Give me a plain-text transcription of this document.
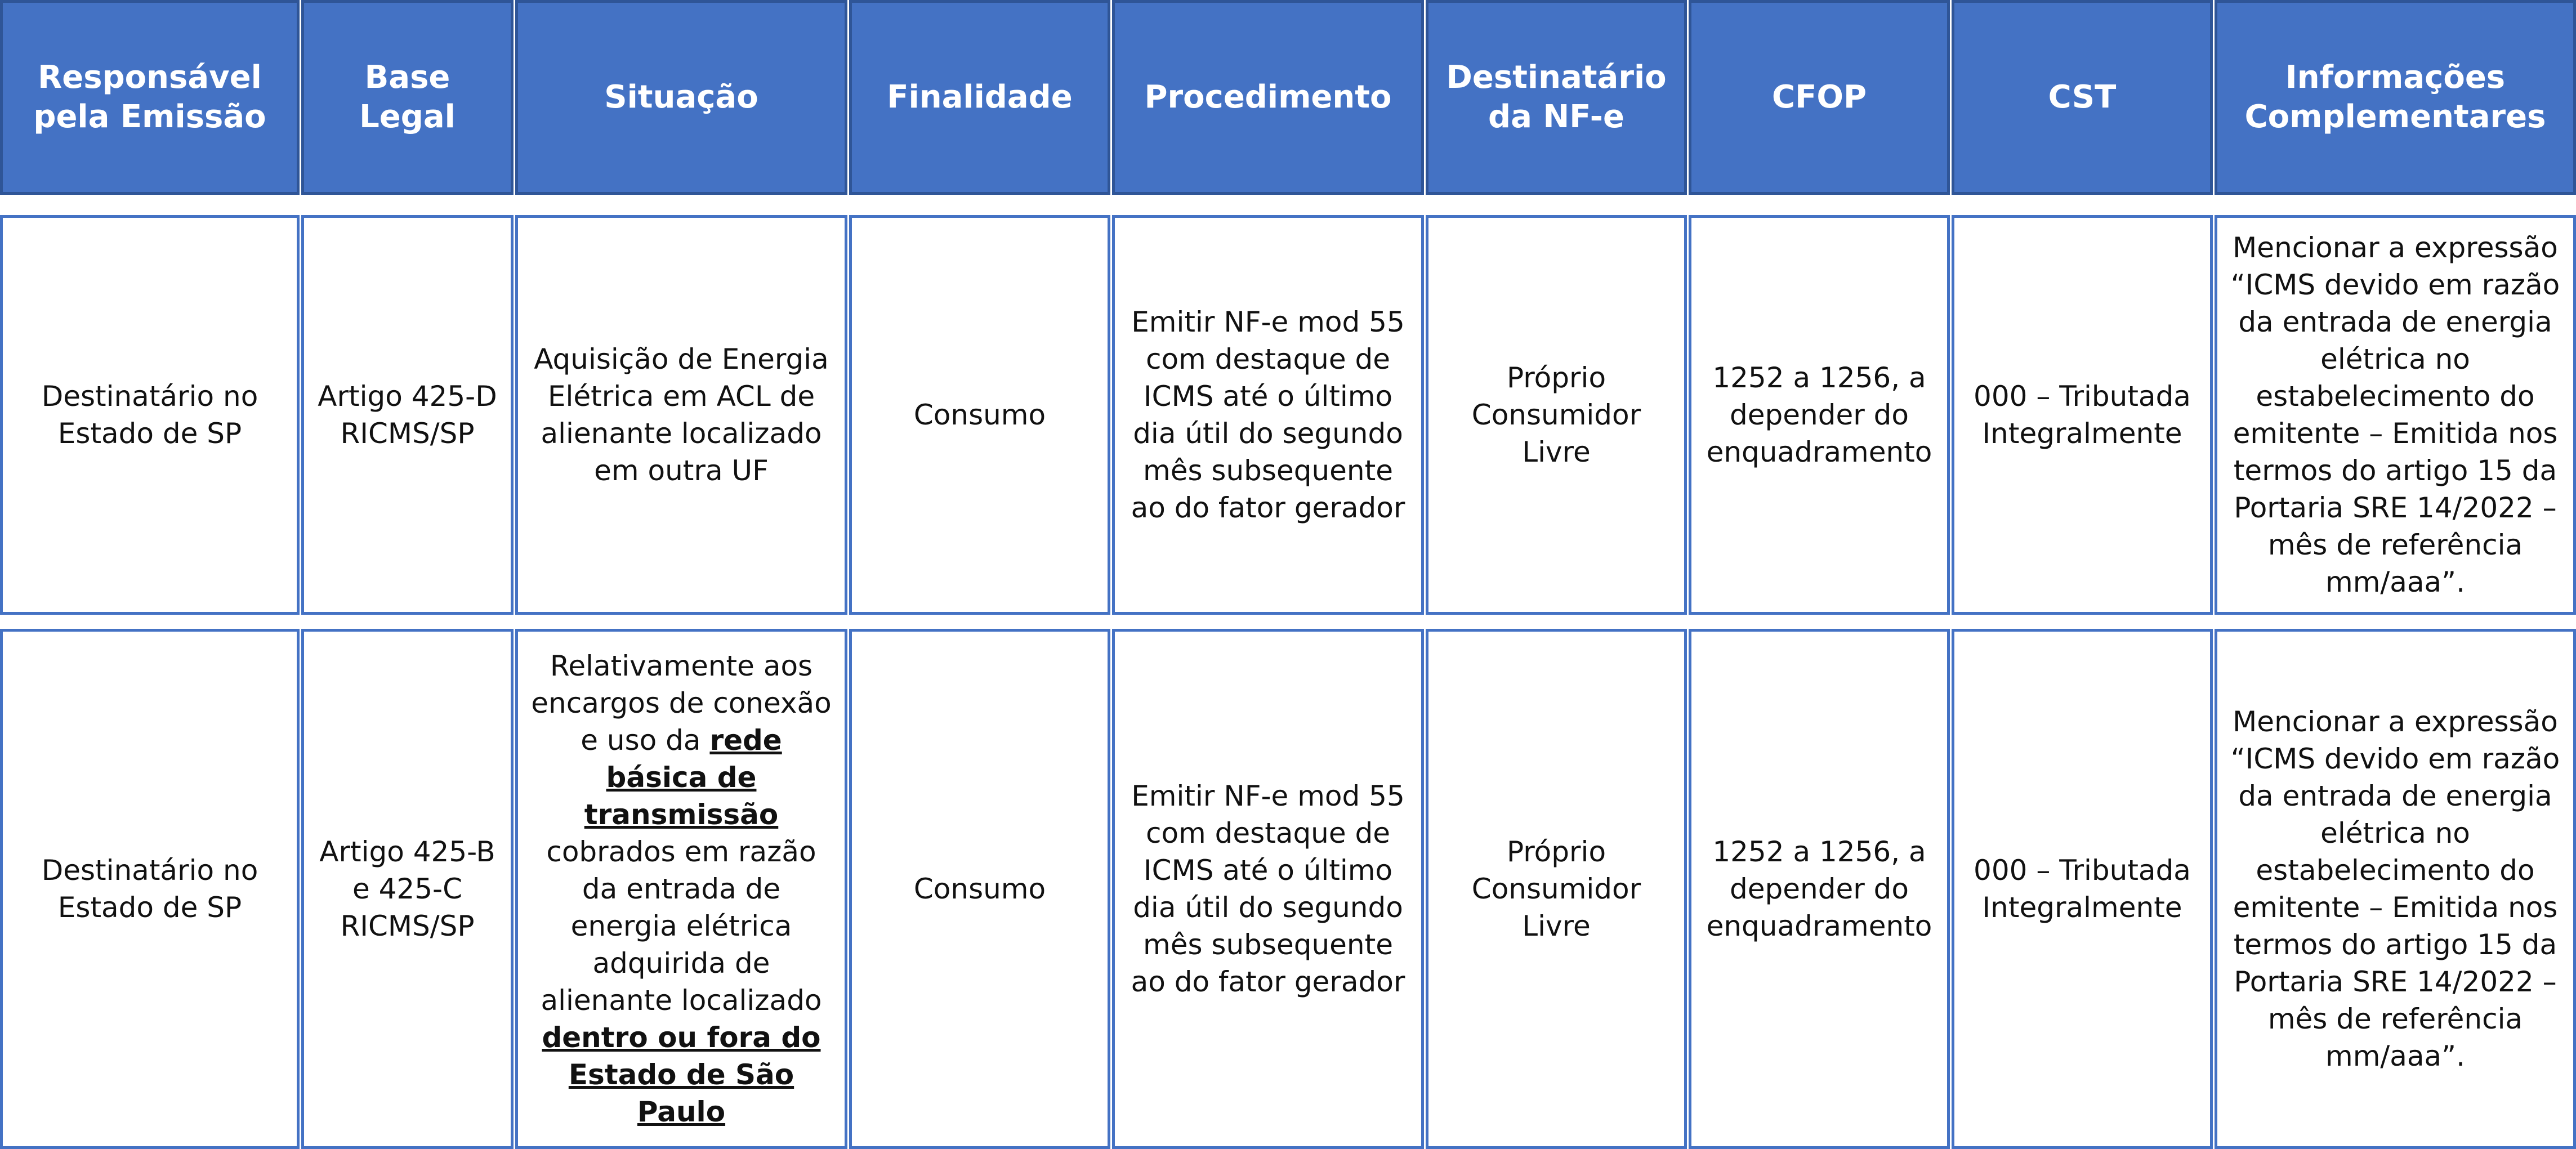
Responsável pela Emissão
Base Legal
Situação	Finalidade Procedimento
Destinatário da NF-e
CFOP	CST
Informações Complementares
Destinatário no Estado de SP
Artigo 425-D RICMS/SP
Aquisição de Energia Elétrica em ACL de alienante localizado em outra UF
Consumo
Emitir NF-e mod 55 com destaque de ICMS até o último dia útil do segundo mês subsequente ao do fator gerador
Próprio Consumidor Livre
1252 a 1256, a depender do enquadramento
000 – Tributada Integralmente
Mencionar a expressão “ICMS devido em razão da entrada de energia elétrica no estabelecimento do emitente – Emitida nos termos do artigo 15 da Portaria SRE 14/2022 – mês de referência mm/aaa”.
Destinatário no Estado de SP
Artigo 425-B e 425-C RICMS/SP
Relativamente aos encargos de conexão e uso da rede básica de transmissão cobrados em razão da entrada de energia elétrica adquirida de alienante localizado dentro ou fora do Estado de São Paulo
Consumo
Emitir NF-e mod 55 com destaque de ICMS até o último dia útil do segundo mês subsequente ao do fator gerador
Próprio Consumidor Livre
1252 a 1256, a depender do enquadramento
000 – Tributada Integralmente
Mencionar a expressão “ICMS devido em razão da entrada de energia elétrica no estabelecimento do emitente – Emitida nos termos do artigo 15 da Portaria SRE 14/2022 – mês de referência mm/aaa”.
